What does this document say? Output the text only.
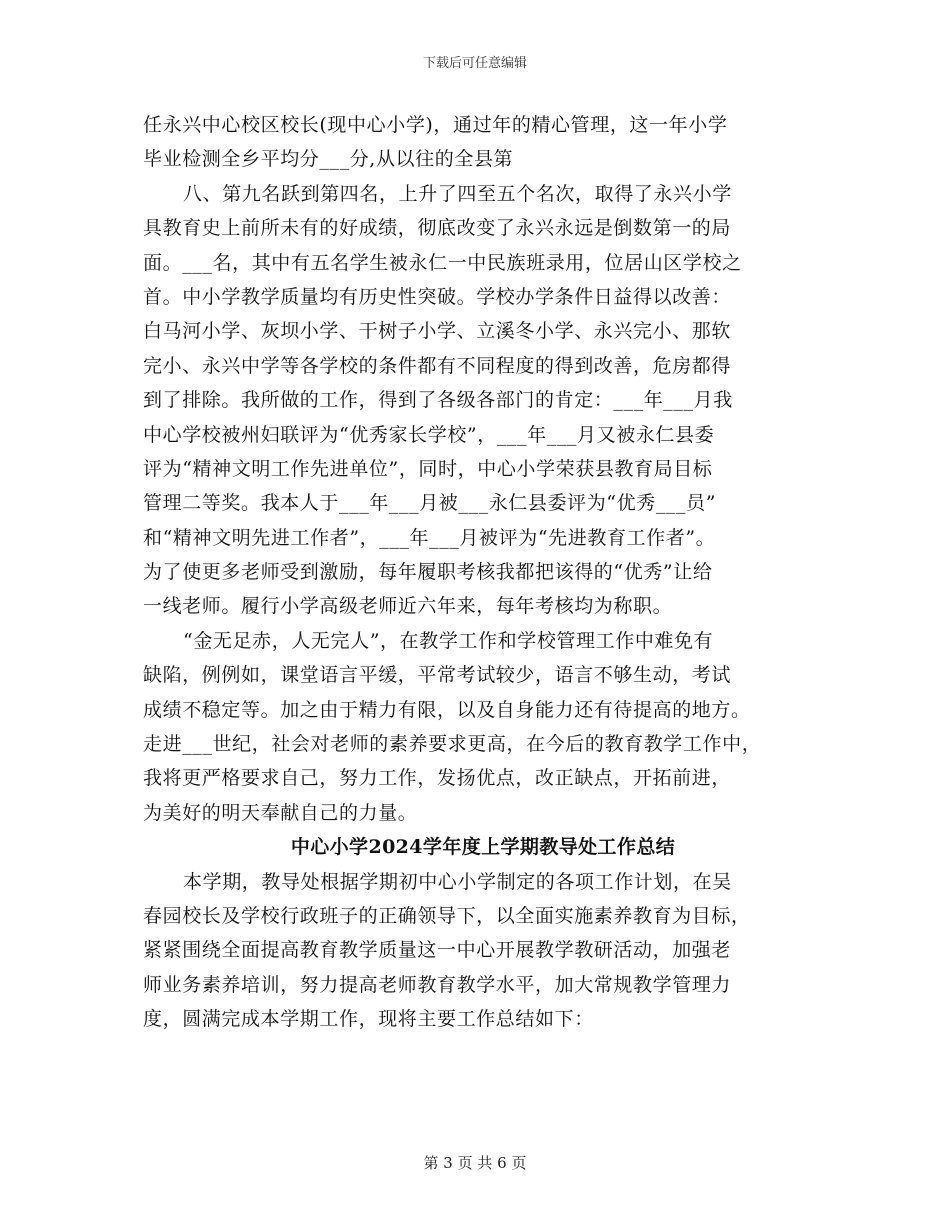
下载后可任意编辑
任永兴中心校区校长(现中心小学)，通过年的精心管理，这一年小学
毕业检测全乡平均分___分,从以往的全县第
八、第九名跃到第四名，上升了四至五个名次，取得了永兴小学
具教育史上前所未有的好成绩，彻底改变了永兴永远是倒数第一的局
面。___名，其中有五名学生被永仁一中民族班录用，位居山区学校之
首。中小学教学质量均有历史性突破。学校办学条件日益得以改善：
白马河小学、灰坝小学、干树子小学、立溪冬小学、永兴完小、那软
完小、永兴中学等各学校的条件都有不同程度的得到改善，危房都得
到了排除。我所做的工作，得到了各级各部门的肯定：___年___月我
中心学校被州妇联评为“优秀家长学校”，___年___月又被永仁县委
评为“精神文明工作先进单位”，同时，中心小学荣获县教育局目标
管理二等奖。我本人于___年___月被___永仁县委评为“优秀___员”
和“精神文明先进工作者”，___年___月被评为“先进教育工作者”。
为了使更多老师受到激励，每年履职考核我都把该得的“优秀”让给
一线老师。履行小学高级老师近六年来，每年考核均为称职。
“金无足赤，人无完人”，在教学工作和学校管理工作中难免有
缺陷，例例如，课堂语言平缓，平常考试较少，语言不够生动，考试
成绩不稳定等。加之由于精力有限，以及自身能力还有待提高的地方。
走进___世纪，社会对老师的素养要求更高，在今后的教育教学工作中，
我将更严格要求自己，努力工作，发扬优点，改正缺点，开拓前进，
为美好的明天奉献自己的力量。
中心小学2024学年度上学期教导处工作总结
本学期，教导处根据学期初中心小学制定的各项工作计划，在吴
春园校长及学校行政班子的正确领导下，以全面实施素养教育为目标，
紧紧围绕全面提高教育教学质量这一中心开展教学教研活动，加强老
师业务素养培训，努力提高老师教育教学水平，加大常规教学管理力
度，圆满完成本学期工作，现将主要工作总结如下：
第 3 页 共 6 页
